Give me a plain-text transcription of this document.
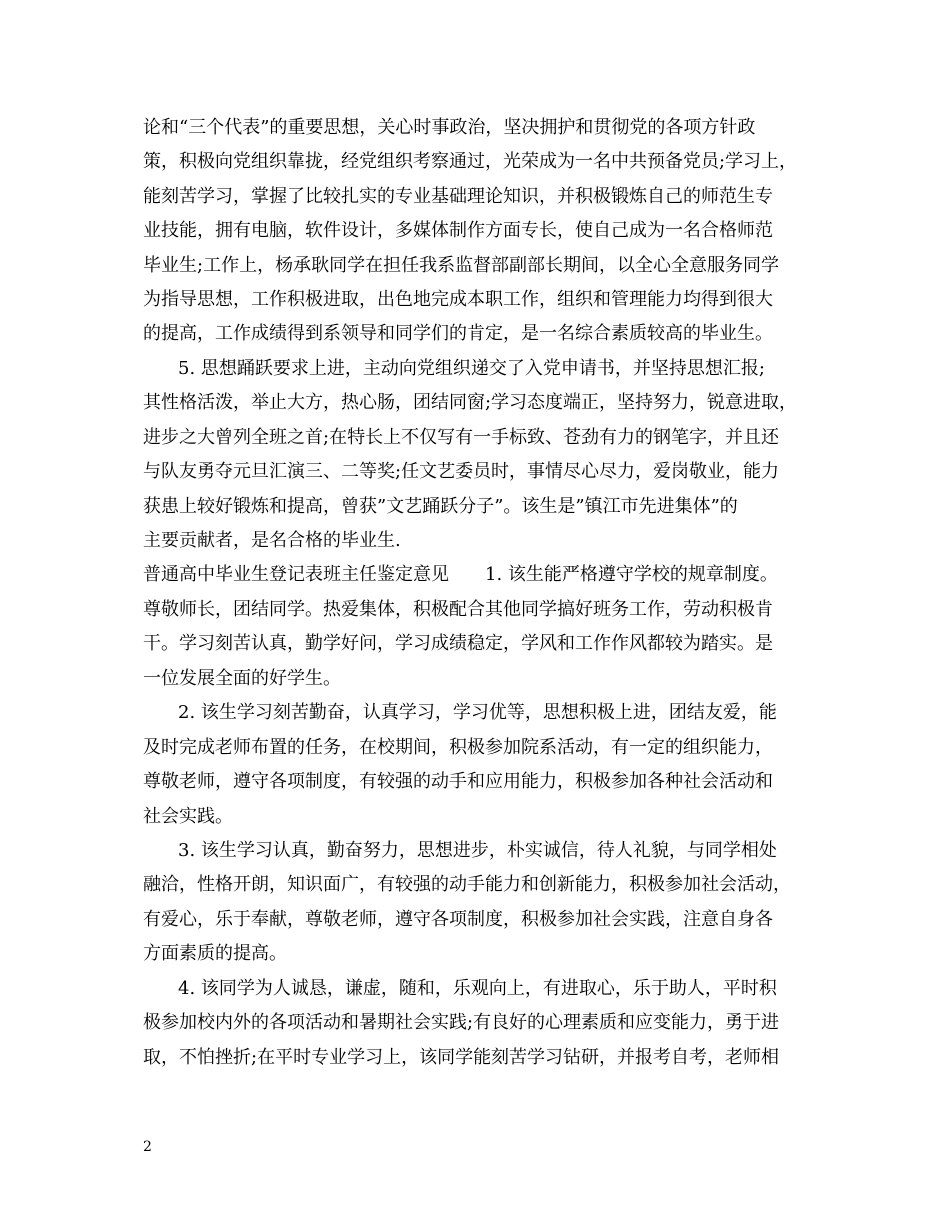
论和“三个代表”的重要思想，关心时事政治，坚决拥护和贯彻党的各项方针政
策，积极向党组织靠拢，经党组织考察通过，光荣成为一名中共预备党员;学习上，
能刻苦学习，掌握了比较扎实的专业基础理论知识，并积极锻炼自己的师范生专
业技能，拥有电脑，软件设计，多媒体制作方面专长，使自己成为一名合格师范
毕业生;工作上，杨承耿同学在担任我系监督部副部长期间，以全心全意服务同学
为指导思想，工作积极进取，出色地完成本职工作，组织和管理能力均得到很大
的提高，工作成绩得到系领导和同学们的肯定，是一名综合素质较高的毕业生。
5. 思想踊跃要求上进，主动向党组织递交了入党申请书，并坚持思想汇报;
其性格活泼，举止大方，热心肠，团结同窗;学习态度端正，坚持努力，锐意进取，
进步之大曾列全班之首;在特长上不仅写有一手标致、苍劲有力的钢笔字，并且还
与队友勇夺元旦汇演三、二等奖;任文艺委员时，事情尽心尽力，爱岗敬业，能力
获患上较好锻炼和提高，曾获”文艺踊跃分子”。该生是”镇江市先进集体”的
主要贡献者，是名合格的毕业生.
普通高中毕业生登记表班主任鉴定意见　　1. 该生能严格遵守学校的规章制度。
尊敬师长，团结同学。热爱集体，积极配合其他同学搞好班务工作，劳动积极肯
干。学习刻苦认真，勤学好问，学习成绩稳定，学风和工作作风都较为踏实。是
一位发展全面的好学生。
2. 该生学习刻苦勤奋，认真学习，学习优等，思想积极上进，团结友爱，能
及时完成老师布置的任务，在校期间，积极参加院系活动，有一定的组织能力，
尊敬老师，遵守各项制度，有较强的动手和应用能力，积极参加各种社会活动和
社会实践。
3. 该生学习认真，勤奋努力，思想进步，朴实诚信，待人礼貌，与同学相处
融洽，性格开朗，知识面广，有较强的动手能力和创新能力，积极参加社会活动，
有爱心，乐于奉献，尊敬老师，遵守各项制度，积极参加社会实践，注意自身各
方面素质的提高。
4. 该同学为人诚恳，谦虚，随和，乐观向上，有进取心，乐于助人，平时积
极参加校内外的各项活动和暑期社会实践;有良好的心理素质和应变能力，勇于进
取，不怕挫折;在平时专业学习上，该同学能刻苦学习钻研，并报考自考，老师相
2
